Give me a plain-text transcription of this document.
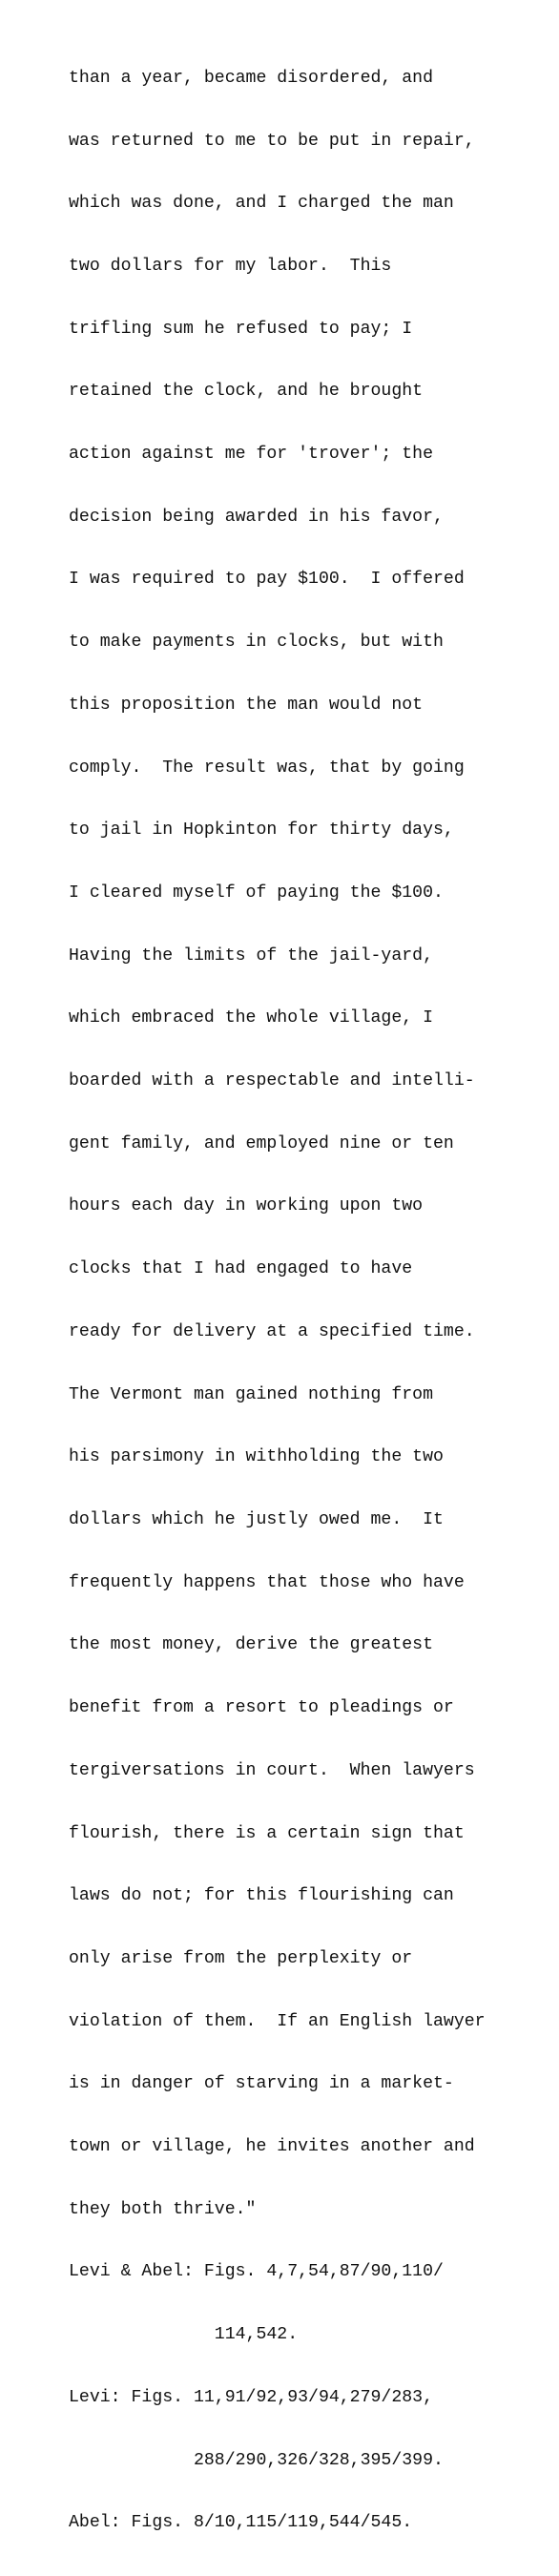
than a year, became disordered, and

was returned to me to be put in repair,

which was done, and I charged the man

two dollars for my labor.  This

trifling sum he refused to pay; I

retained the clock, and he brought

action against me for 'trover'; the

decision being awarded in his favor,

I was required to pay $100.  I offered

to make payments in clocks, but with

this proposition the man would not

comply.  The result was, that by going

to jail in Hopkinton for thirty days,

I cleared myself of paying the $100.

Having the limits of the jail-yard,

which embraced the whole village, I

boarded with a respectable and intelli-

gent family, and employed nine or ten

hours each day in working upon two

clocks that I had engaged to have

ready for delivery at a specified time.

The Vermont man gained nothing from

his parsimony in withholding the two

dollars which he justly owed me.  It

frequently happens that those who have

the most money, derive the greatest

benefit from a resort to pleadings or

tergiversations in court.  When lawyers

flourish, there is a certain sign that

laws do not; for this flourishing can

only arise from the perplexity or

violation of them.  If an English lawyer

is in danger of starving in a market-

town or village, he invites another and

they both thrive."

Levi & Abel: Figs. 4,7,54,87/90,110/

114,542.

Levi: Figs. 11,91/92,93/94,279/283,

288/290,326/328,395/399.

Abel: Figs. 8/10,115/119,544/545.
